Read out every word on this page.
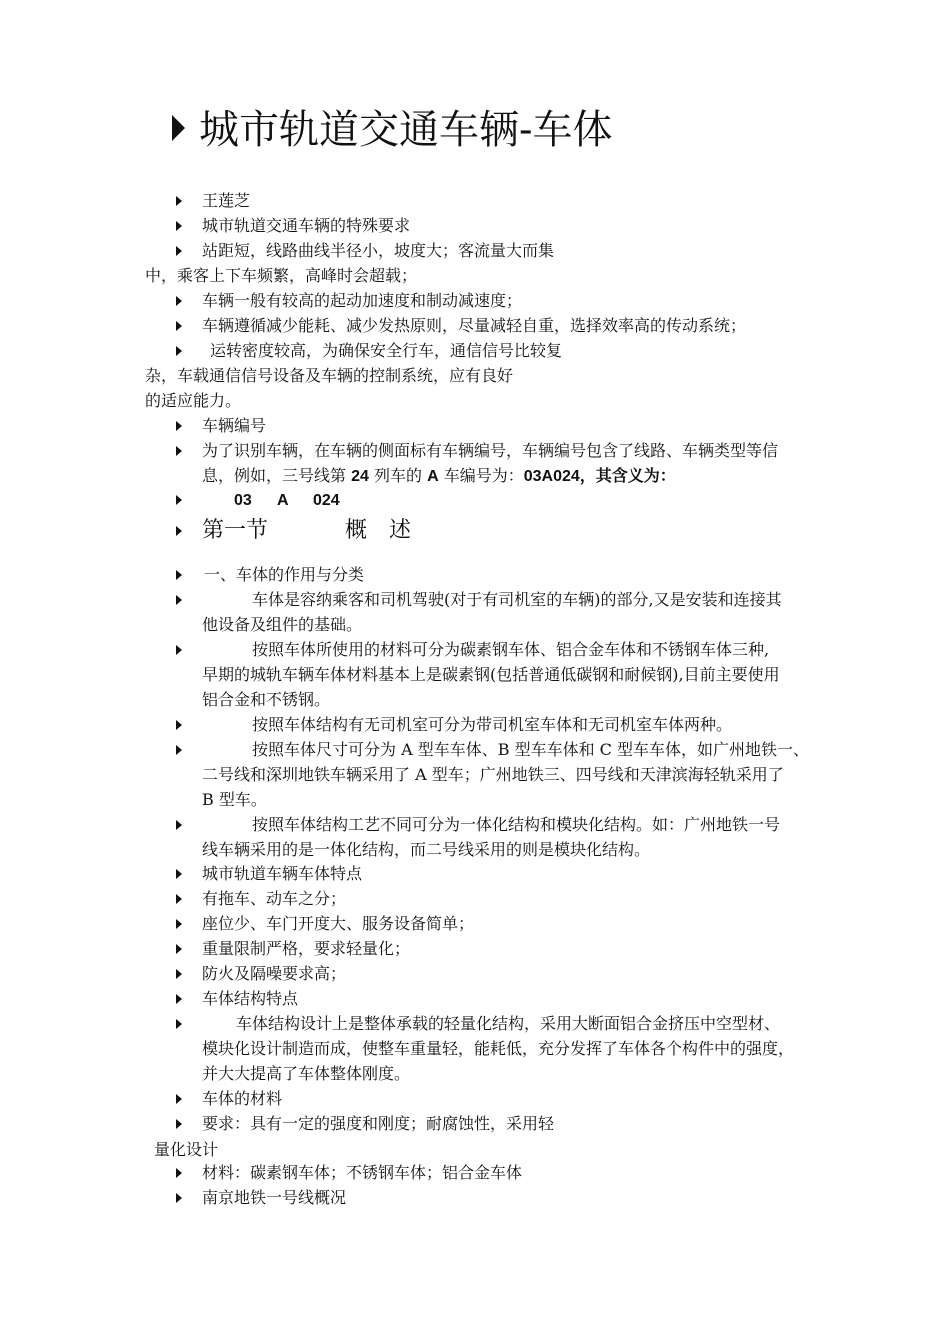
城市轨道交通车辆-车体
王莲芝
城市轨道交通车辆的特殊要求
站距短，线路曲线半径小，坡度大；客流量大而集
中，乘客上下车频繁，高峰时会超载；
车辆一般有较高的起动加速度和制动减速度；
车辆遵循减少能耗、减少发热原则，尽量减轻自重，选择效率高的传动系统；
运转密度较高，为确保安全行车，通信信号比较复
杂，车载通信信号设备及车辆的控制系统，应有良好
的适应能力。
车辆编号
为了识别车辆，在车辆的侧面标有车辆编号，车辆编号包含了线路、车辆类型等信
息，例如，三号线第 24 列车的 A 车编号为：03A024，其含义为：
03 A 024
第一节	概　述
一、车体的作用与分类
车体是容纳乘客和司机驾驶(对于有司机室的车辆)的部分,又是安装和连接其
他设备及组件的基础。
按照车体所使用的材料可分为碳素钢车体、铝合金车体和不锈钢车体三种,
早期的城轨车辆车体材料基本上是碳素钢(包括普通低碳钢和耐候钢),目前主要使用
铝合金和不锈钢。
按照车体结构有无司机室可分为带司机室车体和无司机室车体两种。
按照车体尺寸可分为 A 型车车体、B 型车车体和 C 型车车体，如广州地铁一、
二号线和深圳地铁车辆采用了 A 型车；广州地铁三、四号线和天津滨海轻轨采用了
B 型车。
按照车体结构工艺不同可分为一体化结构和模块化结构。如：广州地铁一号
线车辆采用的是一体化结构，而二号线采用的则是模块化结构。
城市轨道车辆车体特点
有拖车、动车之分；
座位少、车门开度大、服务设备简单；
重量限制严格，要求轻量化；
防火及隔噪要求高；
车体结构特点
车体结构设计上是整体承载的轻量化结构，采用大断面铝合金挤压中空型材、
模块化设计制造而成，使整车重量轻，能耗低，充分发挥了车体各个构件中的强度，
并大大提高了车体整体刚度。
车体的材料
要求：具有一定的强度和刚度；耐腐蚀性，采用轻
量化设计
材料：碳素钢车体；不锈钢车体；铝合金车体
南京地铁一号线概况
